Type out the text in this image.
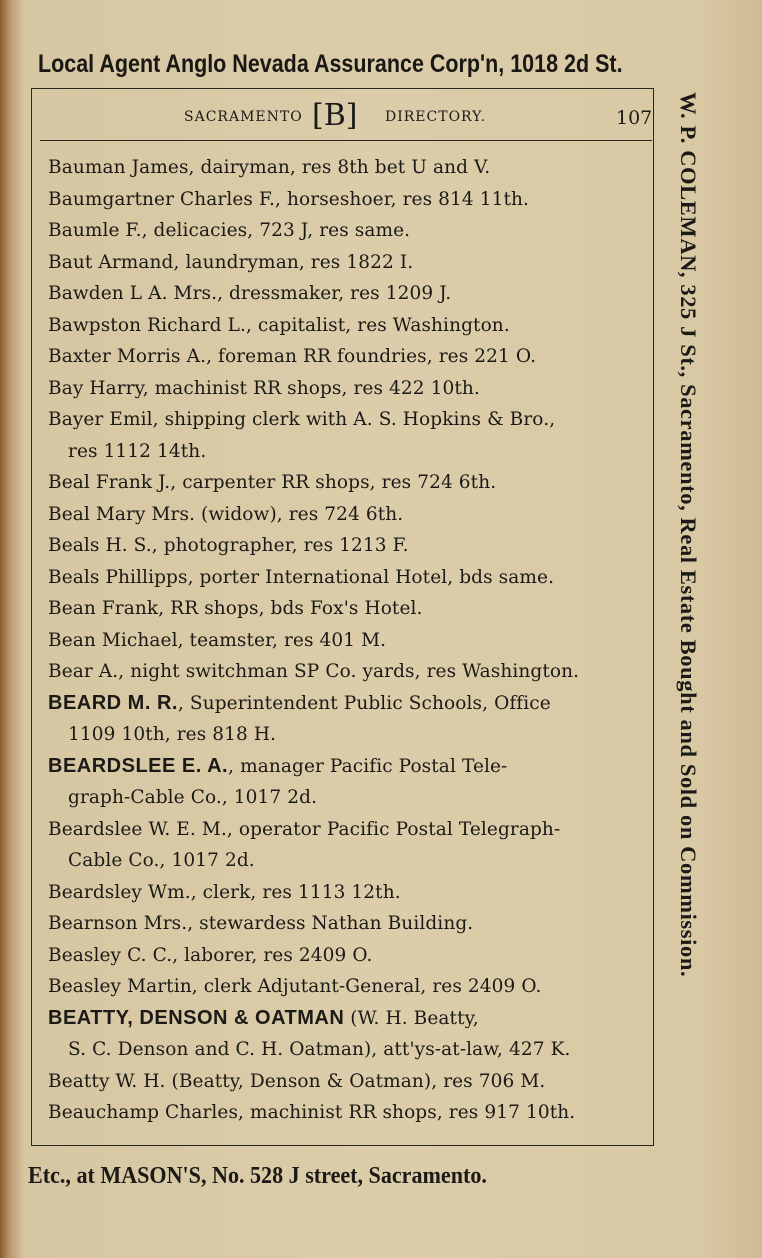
Local Agent Anglo Nevada Assurance Corp'n, 1018 2d St.
SACRAMENTO [B] DIRECTORY.	107
Bauman James, dairyman, res 8th bet U and V.
Baumgartner Charles F., horseshoer, res 814 11th.
Baumle F., delicacies, 723 J, res same.
Baut Armand, laundryman, res 1822 I.
Bawden L A. Mrs., dressmaker, res 1209 J.
Bawpston Richard L., capitalist, res Washington.
Baxter Morris A., foreman RR foundries, res 221 O.
Bay Harry, machinist RR shops, res 422 10th.
Bayer Emil, shipping clerk with A. S. Hopkins & Bro.,
res 1112 14th.
Beal Frank J., carpenter RR shops, res 724 6th.
Beal Mary Mrs. (widow), res 724 6th.
Beals H. S., photographer, res 1213 F.
Beals Phillipps, porter International Hotel, bds same.
Bean Frank, RR shops, bds Fox's Hotel.
Bean Michael, teamster, res 401 M.
Bear A., night switchman SP Co. yards, res Washington.
BEARD M. R., Superintendent Public Schools, Office
1109 10th, res 818 H.
BEARDSLEE E. A., manager Pacific Postal Tele-
graph-Cable Co., 1017 2d.
Beardslee W. E. M., operator Pacific Postal Telegraph-
Cable Co., 1017 2d.
Beardsley Wm., clerk, res 1113 12th.
Bearnson Mrs., stewardess Nathan Building.
Beasley C. C., laborer, res 2409 O.
Beasley Martin, clerk Adjutant-General, res 2409 O.
BEATTY, DENSON & OATMAN (W. H. Beatty,
S. C. Denson and C. H. Oatman), att'ys-at-law, 427 K.
Beatty W. H. (Beatty, Denson & Oatman), res 706 M.
Beauchamp Charles, machinist RR shops, res 917 10th.
W. P. COLEMAN, 325 J St., Sacramento, Real Estate Bought and Sold on Commission.
Etc., at MASON'S, No. 528 J street, Sacramento.
